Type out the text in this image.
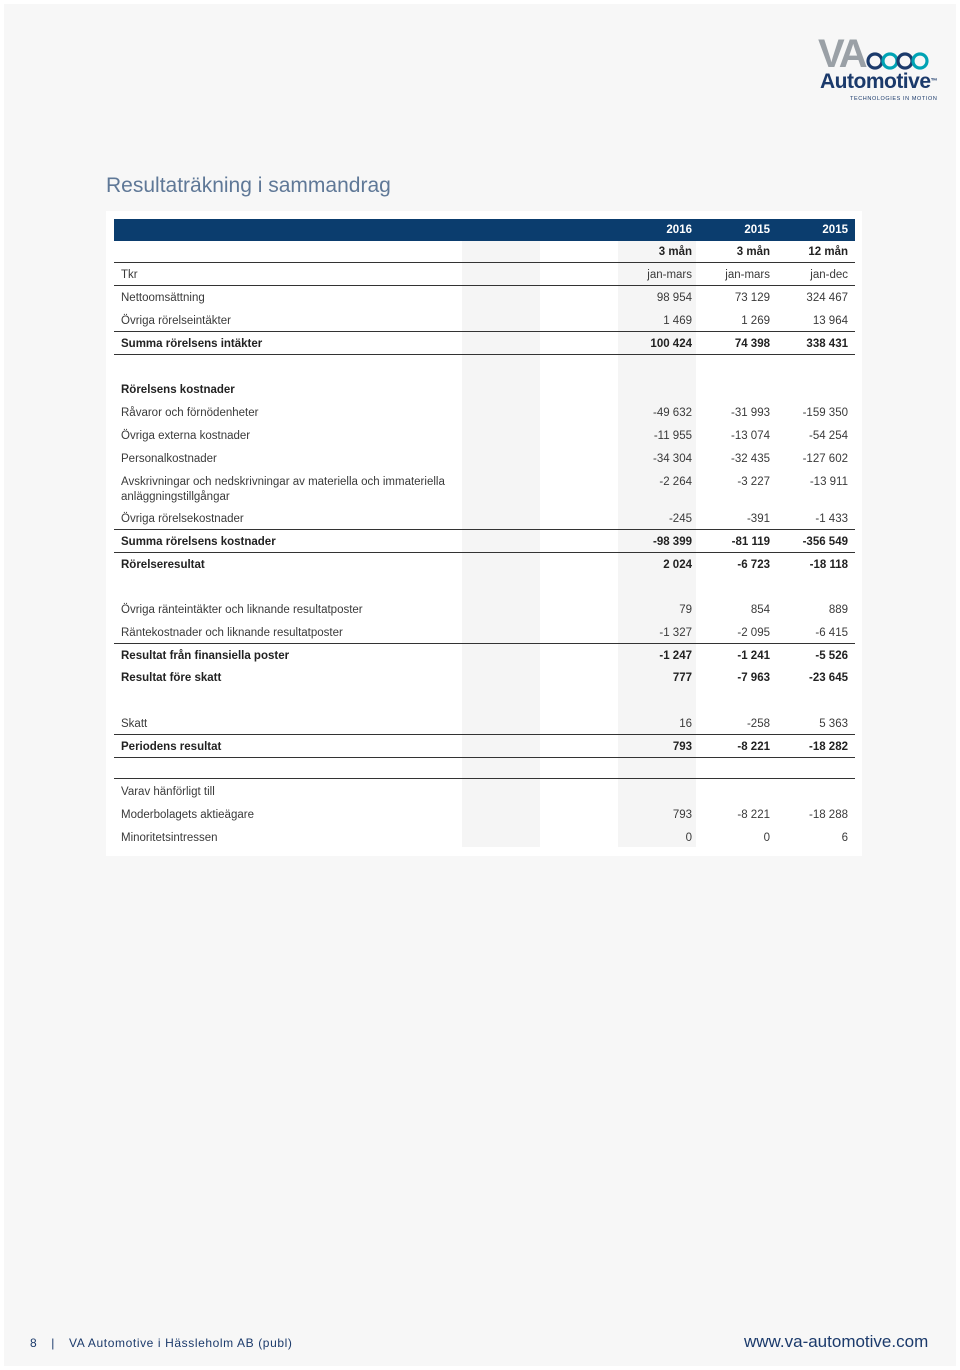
VA
Automotive™
TECHNOLOGIES IN MOTION
Resultaträkning i sammandrag
2016	2015	2015
3 mån	3 mån	12 mån
Tkr	jan-mars	jan-mars	jan-dec
Nettoomsättning	98 954	73 129	324 467
Övriga rörelseintäkter	1 469	1 269	13 964
Summa rörelsens intäkter	100 424	74 398	338 431
Rörelsens kostnader
Råvaror och förnödenheter	-49 632	-31 993	-159 350
Övriga externa kostnader	-11 955	-13 074	-54 254
Personalkostnader	-34 304	-32 435	-127 602
Avskrivningar och nedskrivningar av materiella och immateriella anläggningstillgångar
-2 264	-3 227	-13 911
Övriga rörelsekostnader	-245	-391	-1 433
Summa rörelsens kostnader	-98 399	-81 119	-356 549
Rörelseresultat	2 024	-6 723	-18 118
Övriga ränteintäkter och liknande resultatposter	79	854	889
Räntekostnader och liknande resultatposter	-1 327	-2 095	-6 415
Resultat från finansiella poster	-1 247	-1 241	-5 526
Resultat före skatt	777	-7 963	-23 645
Skatt	16	-258	5 363
Periodens resultat	793	-8 221	-18 282
Varav hänförligt till
Moderbolagets aktieägare	793	-8 221	-18 288
Minoritetsintressen	0	0	6
8 | VA Automotive i Hässleholm AB (publ)	www.va-automotive.com
